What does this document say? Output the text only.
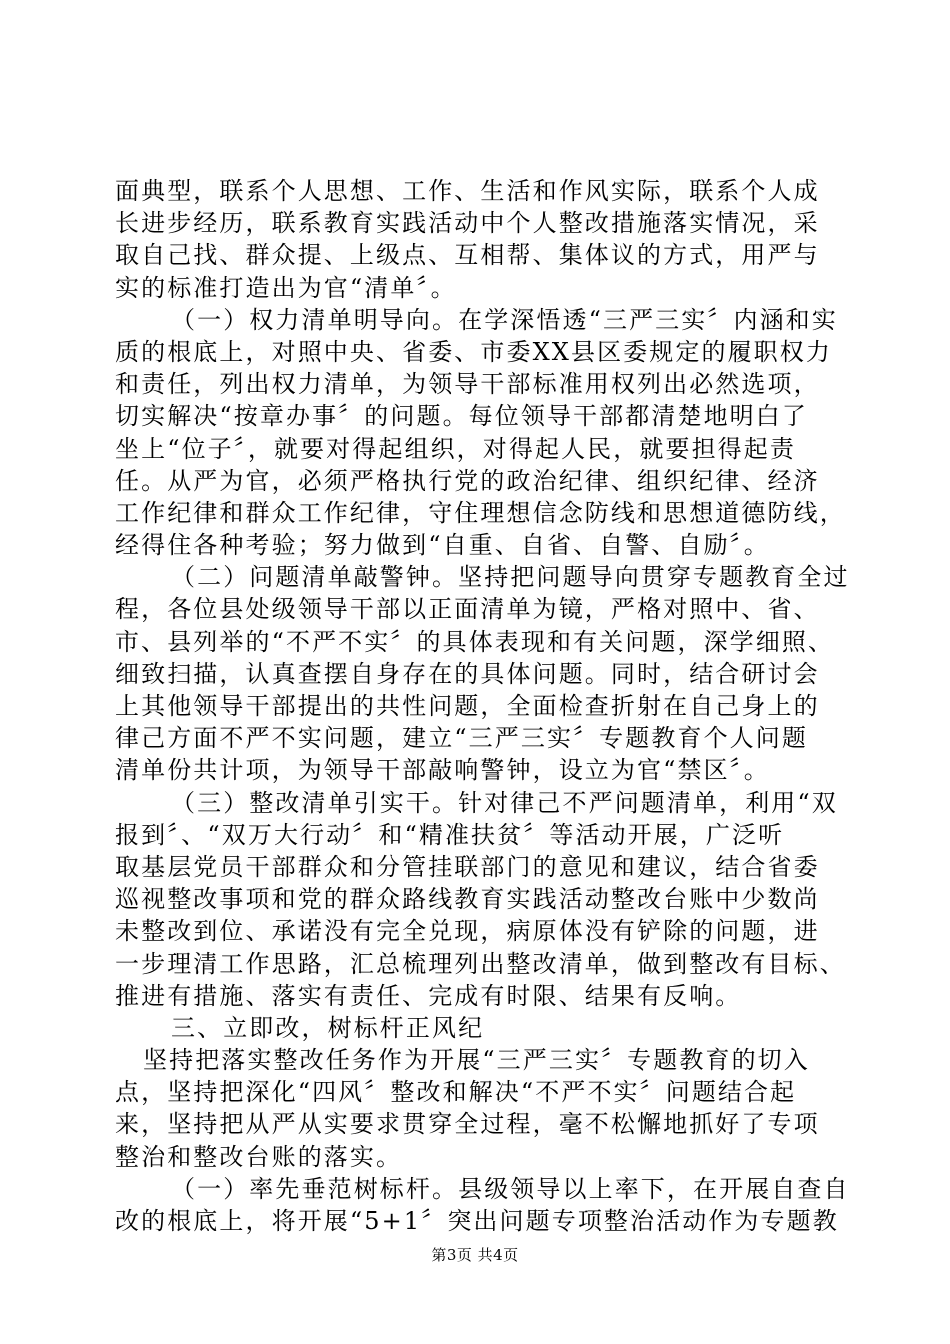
面典型，联系个人思想、工作、生活和作风实际，联系个人成
长进步经历，联系教育实践活动中个人整改措施落实情况，采
取自己找、群众提、上级点、互相帮、集体议的方式，用严与
实的标准打造出为官“清单〞。
（一）权力清单明导向。在学深悟透“三严三实〞内涵和实
质的根底上，对照中央、省委、市委XX县区委规定的履职权力
和责任，列出权力清单，为领导干部标准用权列出必然选项，
切实解决“按章办事〞的问题。每位领导干部都清楚地明白了
坐上“位子〞，就要对得起组织，对得起人民，就要担得起责
任。从严为官，必须严格执行党的政治纪律、组织纪律、经济
工作纪律和群众工作纪律，守住理想信念防线和思想道德防线，
经得住各种考验；努力做到“自重、自省、自警、自励〞。
（二）问题清单敲警钟。坚持把问题导向贯穿专题教育全过
程，各位县处级领导干部以正面清单为镜，严格对照中、省、
市、县列举的“不严不实〞的具体表现和有关问题，深学细照、
细致扫描，认真查摆自身存在的具体问题。同时，结合研讨会
上其他领导干部提出的共性问题，全面检查折射在自己身上的
律己方面不严不实问题，建立“三严三实〞专题教育个人问题
清单份共计项，为领导干部敲响警钟，设立为官“禁区〞。
（三）整改清单引实干。针对律己不严问题清单，利用“双
报到〞、“双万大行动〞和“精准扶贫〞等活动开展，广泛听
取基层党员干部群众和分管挂联部门的意见和建议，结合省委
巡视整改事项和党的群众路线教育实践活动整改台账中少数尚
未整改到位、承诺没有完全兑现，病原体没有铲除的问题，进
一步理清工作思路，汇总梳理列出整改清单，做到整改有目标、
推进有措施、落实有责任、完成有时限、结果有反响。
三、立即改，树标杆正风纪
坚持把落实整改任务作为开展“三严三实〞专题教育的切入
点，坚持把深化“四风〞整改和解决“不严不实〞问题结合起
来，坚持把从严从实要求贯穿全过程，毫不松懈地抓好了专项
整治和整改台账的落实。
（一）率先垂范树标杆。县级领导以上率下，在开展自查自
改的根底上，将开展“5+1〞突出问题专项整治活动作为专题教
第3页 共4页
